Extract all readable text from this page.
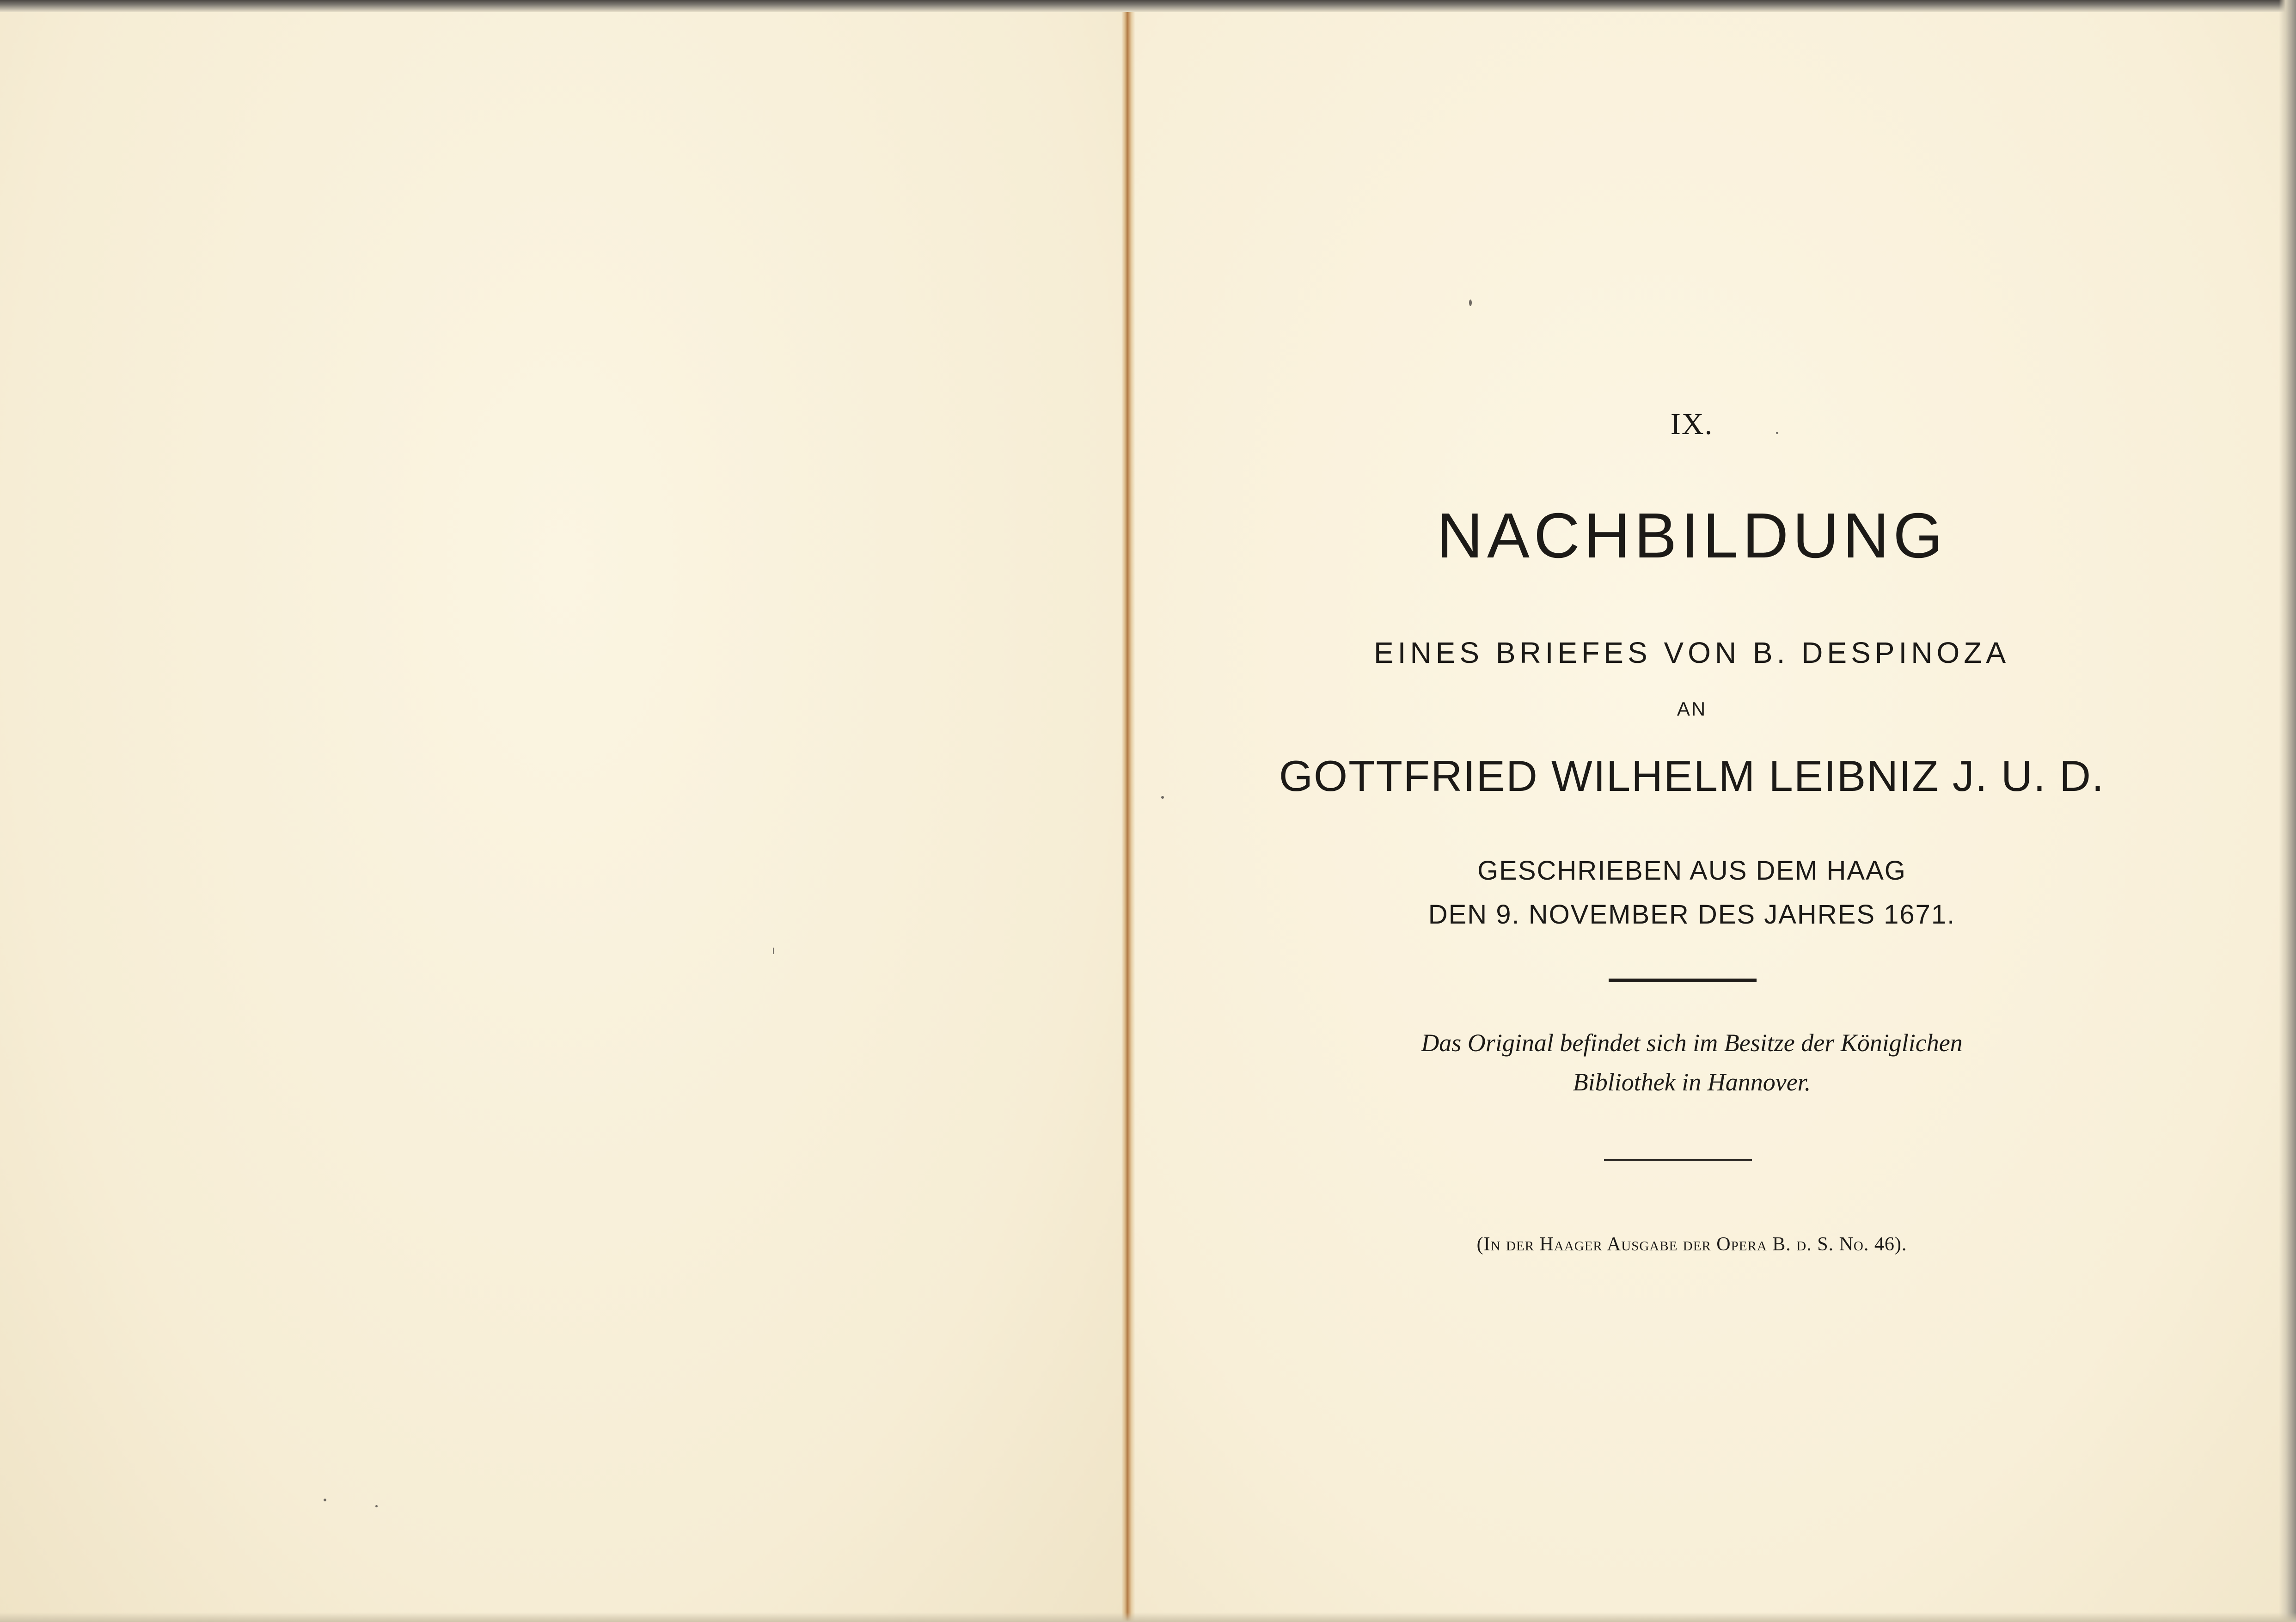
IX.
NACHBILDUNG
EINES BRIEFES VON B. DESPINOZA
AN
GOTTFRIED WILHELM LEIBNIZ J. U. D.
GESCHRIEBEN AUS DEM HAAG
DEN 9. NOVEMBER DES JAHRES 1671.
Das Original befindet sich im Besitze der Königlichen
Bibliothek in Hannover.
(In der Haager Ausgabe der Opera B. d. S. No. 46).
